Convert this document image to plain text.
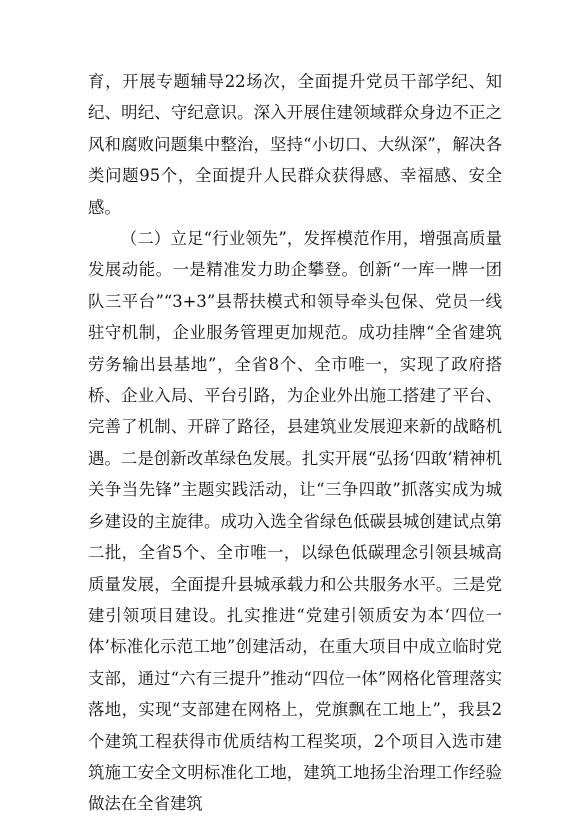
育，开展专题辅导22场次，全面提升党员干部学纪、知纪、明纪、守纪意识。深入开展住建领域群众身边不正之风和腐败问题集中整治，坚持“小切口、大纵深”，解决各类问题95个，全面提升人民群众获得感、幸福感、安全感。

（二）立足“行业领先”，发挥模范作用，增强高质量发展动能。一是精准发力助企攀登。创新“一库一牌一团队三平台”“3+3”县帮扶模式和领导牵头包保、党员一线驻守机制，企业服务管理更加规范。成功挂牌“全省建筑劳务输出县基地”，全省8个、全市唯一，实现了政府搭桥、企业入局、平台引路，为企业外出施工搭建了平台、完善了机制、开辟了路径，县建筑业发展迎来新的战略机遇。二是创新改革绿色发展。扎实开展“弘扬‘四敢’精神机关争当先锋”主题实践活动，让“三争四敢”抓落实成为城乡建设的主旋律。成功入选全省绿色低碳县城创建试点第二批，全省5个、全市唯一，以绿色低碳理念引领县城高质量发展，全面提升县城承载力和公共服务水平。三是党建引领项目建设。扎实推进“党建引领质安为本‘四位一体’标准化示范工地”创建活动，在重大项目中成立临时党支部，通过“六有三提升”推动“四位一体”网格化管理落实落地，实现“支部建在网格上，党旗飘在工地上”，我县2个建筑工程获得市优质结构工程奖项，2个项目入选市建筑施工安全文明标准化工地，建筑工地扬尘治理工作经验做法在全省建筑
